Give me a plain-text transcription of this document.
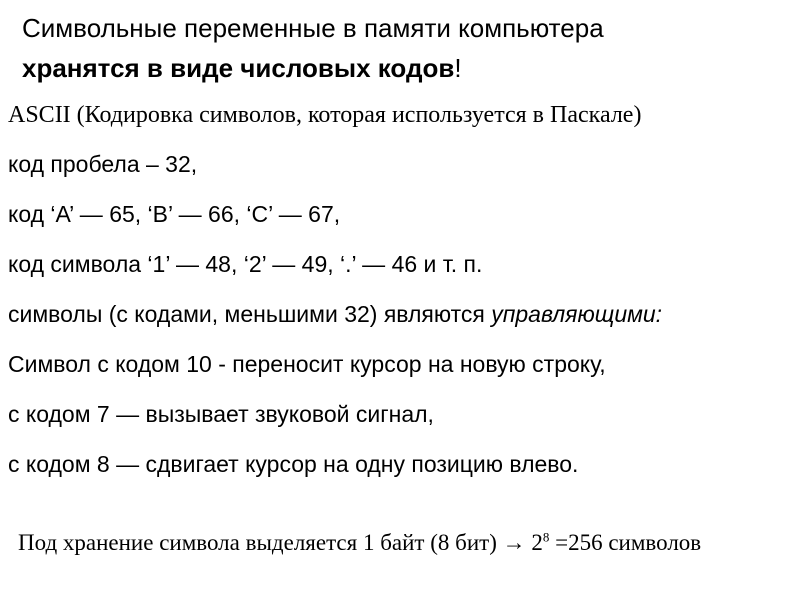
Символьные переменные в памяти компьютера
хранятся в виде числовых кодов!
ASCII (Кодировка символов, которая используется в Паскале)
код пробела – 32,
код ‘A’ — 65, ‘B’ — 66, ‘C’ — 67,
код символа ‘1’ — 48, ‘2’ — 49, ‘.’ — 46 и т. п.
символы (с кодами, меньшими 32) являются управляющими:
Символ с кодом 10 - переносит курсор на новую строку,
с кодом 7 — вызывает звуковой сигнал,
с кодом 8 — сдвигает курсор на одну позицию влево.
Под хранение символа выделяется 1 байт (8 $бит) \to 2^8 =256$ символов
